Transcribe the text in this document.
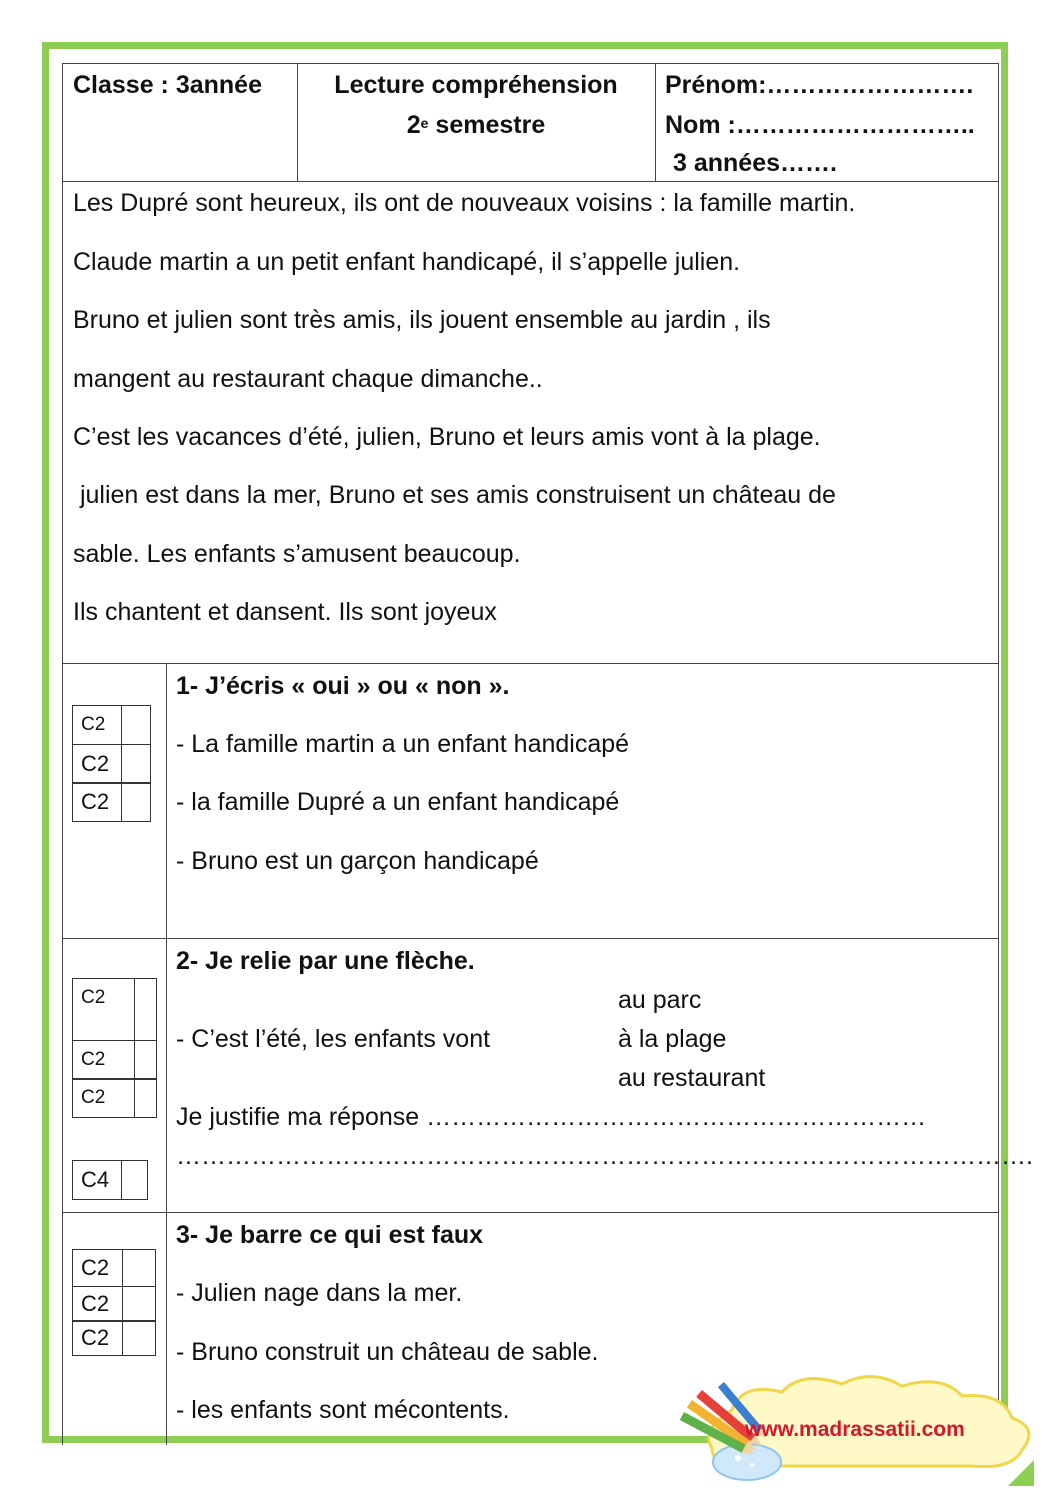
Classe : 3année	Lecture compréhension
2e semestre
Prénom:…………………….
Nom :………………………..
3 années…….
Les Dupré sont heureux, ils ont de nouveaux voisins : la famille martin.
Claude martin a un petit enfant handicapé, il s’appelle julien.
Bruno et julien sont très amis, ils jouent ensemble au jardin , ils
mangent au restaurant chaque dimanche..
C’est les vacances d’été, julien, Bruno et leurs amis vont à la plage.
julien est dans la mer, Bruno et ses amis construisent un château de
sable. Les enfants s’amusent beaucoup.
Ils chantent et dansent. Ils sont joyeux
C2
C2
C2
1- J’écris « oui » ou « non ».
- La famille martin a un enfant handicapé
- la famille Dupré a un enfant handicapé
- Bruno est un garçon handicapé
C2
C2
C2
C4
2- Je relie par une flèche.
au parc
- C’est l’été, les enfants vont	à la plage
au restaurant
Je justifie ma réponse ……………………………………………………
………………………………………………………………………………………….
C2
C2
C2
3- Je barre ce qui est faux
- Julien nage dans la mer.
- Bruno construit un château de sable.
- les enfants sont mécontents.
www.madrassatii.com
